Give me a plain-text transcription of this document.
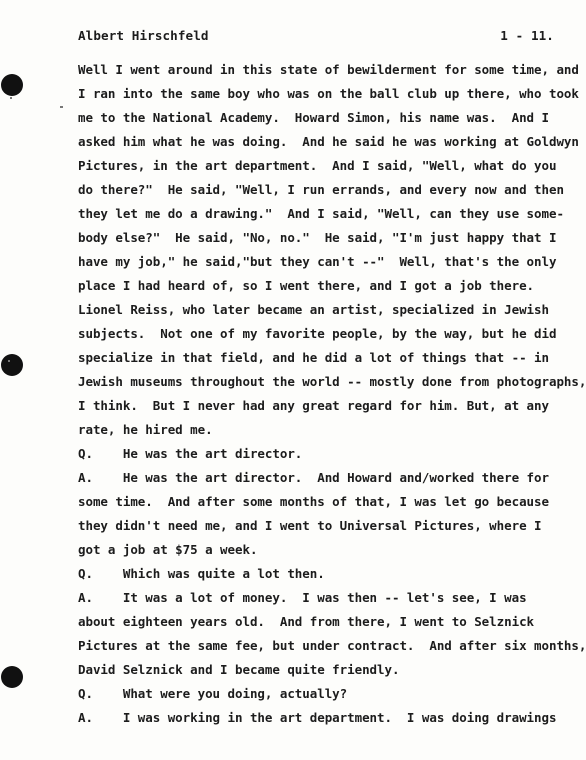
Albert Hirschfeld	1 - 11.
Well I went around in this state of bewilderment for some time, and
I ran into the same boy who was on the ball club up there, who took
me to the National Academy.  Howard Simon, his name was.  And I
asked him what he was doing.  And he said he was working at Goldwyn
Pictures, in the art department.  And I said, "Well, what do you
do there?"  He said, "Well, I run errands, and every now and then
they let me do a drawing."  And I said, "Well, can they use some-
body else?"  He said, "No, no."  He said, "I'm just happy that I
have my job," he said,"but they can't --"  Well, that's the only
place I had heard of, so I went there, and I got a job there.
Lionel Reiss, who later became an artist, specialized in Jewish
subjects.  Not one of my favorite people, by the way, but he did
specialize in that field, and he did a lot of things that -- in
Jewish museums throughout the world -- mostly done from photographs,
I think.  But I never had any great regard for him. But, at any
rate, he hired me.
Q.    He was the art director.
A.    He was the art director.  And Howard and/worked there for
some time.  And after some months of that, I was let go because
they didn't need me, and I went to Universal Pictures, where I
got a job at $75 a week.
Q.    Which was quite a lot then.
A.    It was a lot of money.  I was then -- let's see, I was
about eighteen years old.  And from there, I went to Selznick
Pictures at the same fee, but under contract.  And after six months,
David Selznick and I became quite friendly.
Q.    What were you doing, actually?
A.    I was working in the art department.  I was doing drawings
